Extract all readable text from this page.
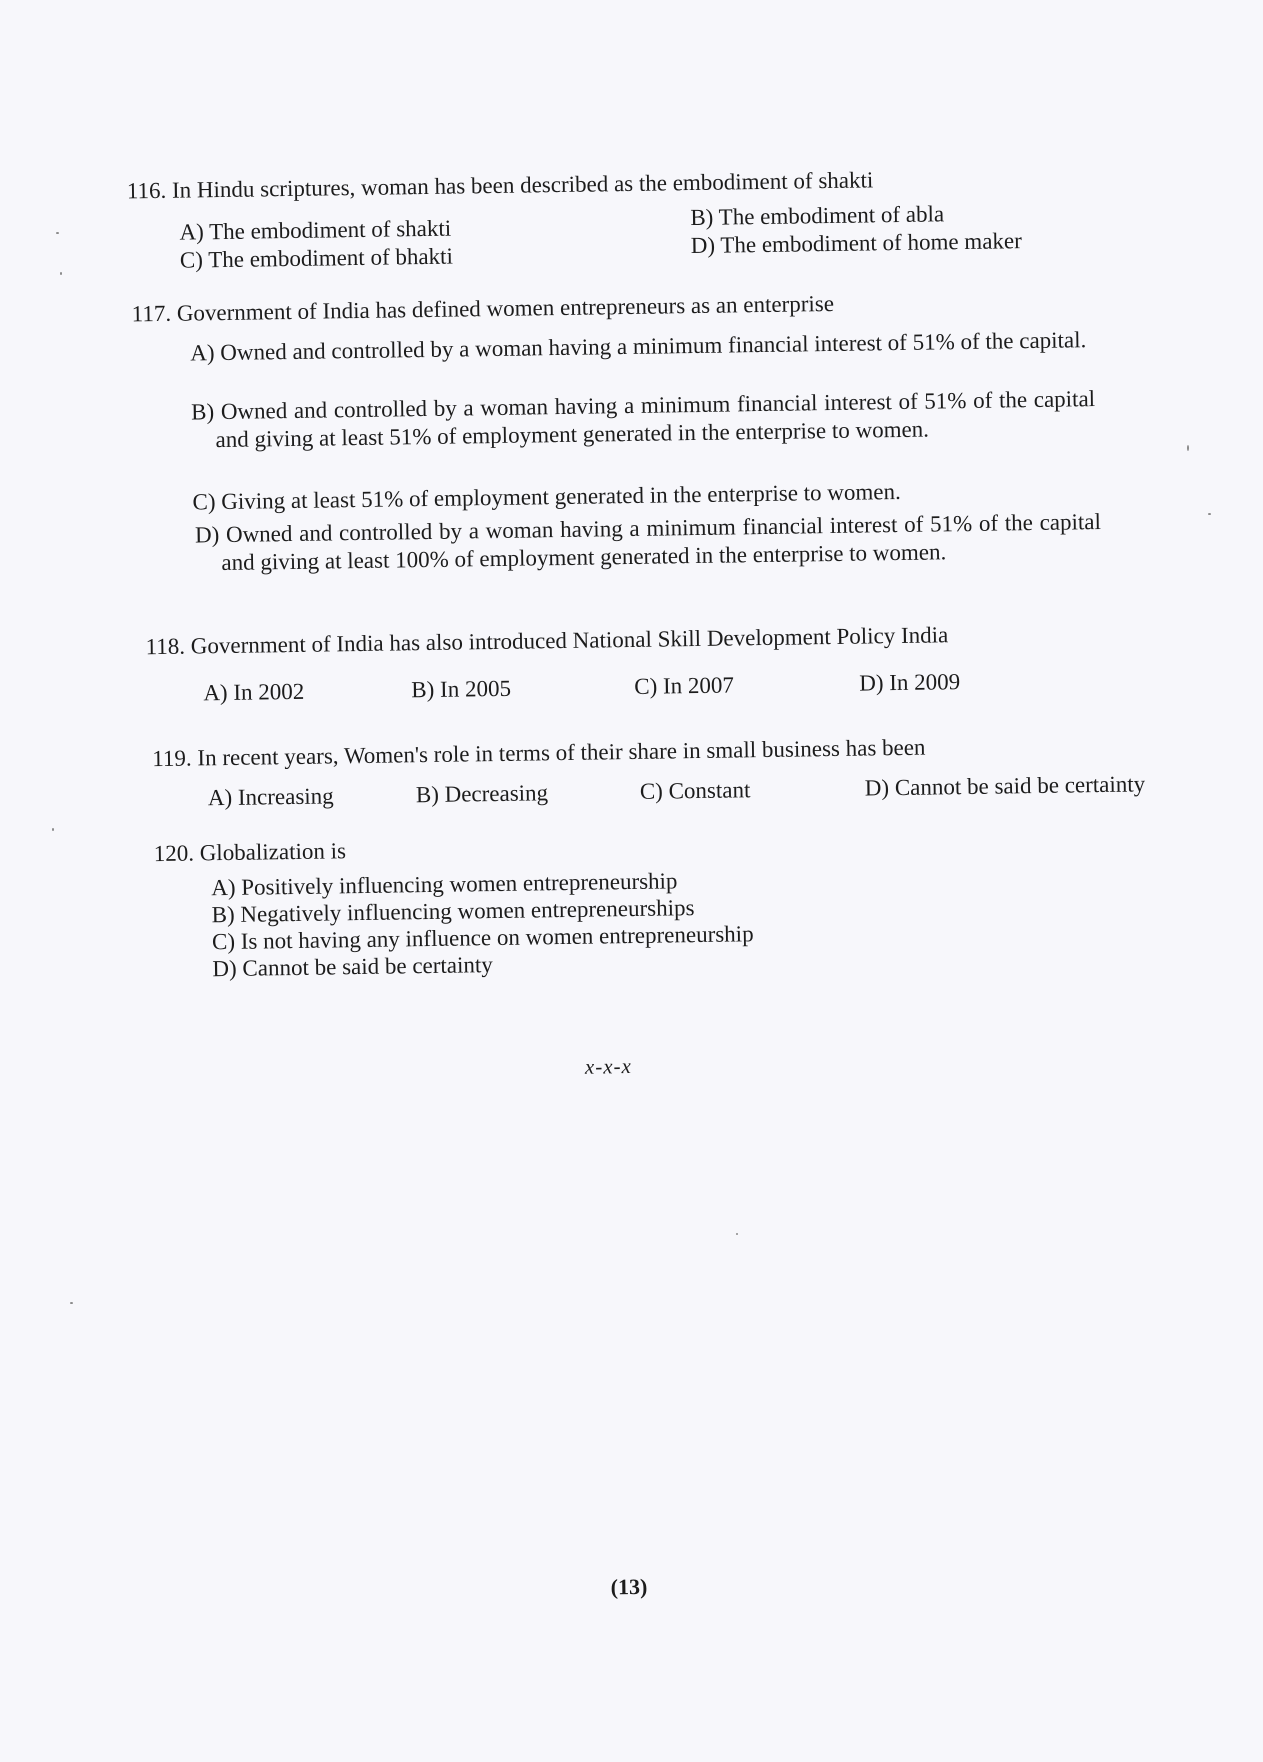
116. In Hindu scriptures, woman has been described as the embodiment of shakti
A) The embodiment of shakti	B) The embodiment of abla
C) The embodiment of bhakti
D) The embodiment of home maker
117. Government of India has defined women entrepreneurs as an enterprise
A) Owned and controlled by a woman having a minimum financial interest of 51% of the capital.
B) Owned and controlled by a woman having a minimum financial interest of 51% of the capital and giving at least 51% of employment generated in the enterprise to women.
C) Giving at least 51% of employment generated in the enterprise to women.
D) Owned and controlled by a woman having a minimum financial interest of 51% of the capital and giving at least 100% of employment generated in the enterprise to women.
118. Government of India has also introduced National Skill Development Policy India
A) In 2002	B) In 2005	C) In 2007	D) In 2009
119. In recent years, Women's role in terms of their share in small business has been
A) Increasing	B) Decreasing	C) Constant	D) Cannot be said be certainty
120. Globalization is
A) Positively influencing women entrepreneurship
B) Negatively influencing women entrepreneurships
C) Is not having any influence on women entrepreneurship
D) Cannot be said be certainty
x-x-x
(13)
